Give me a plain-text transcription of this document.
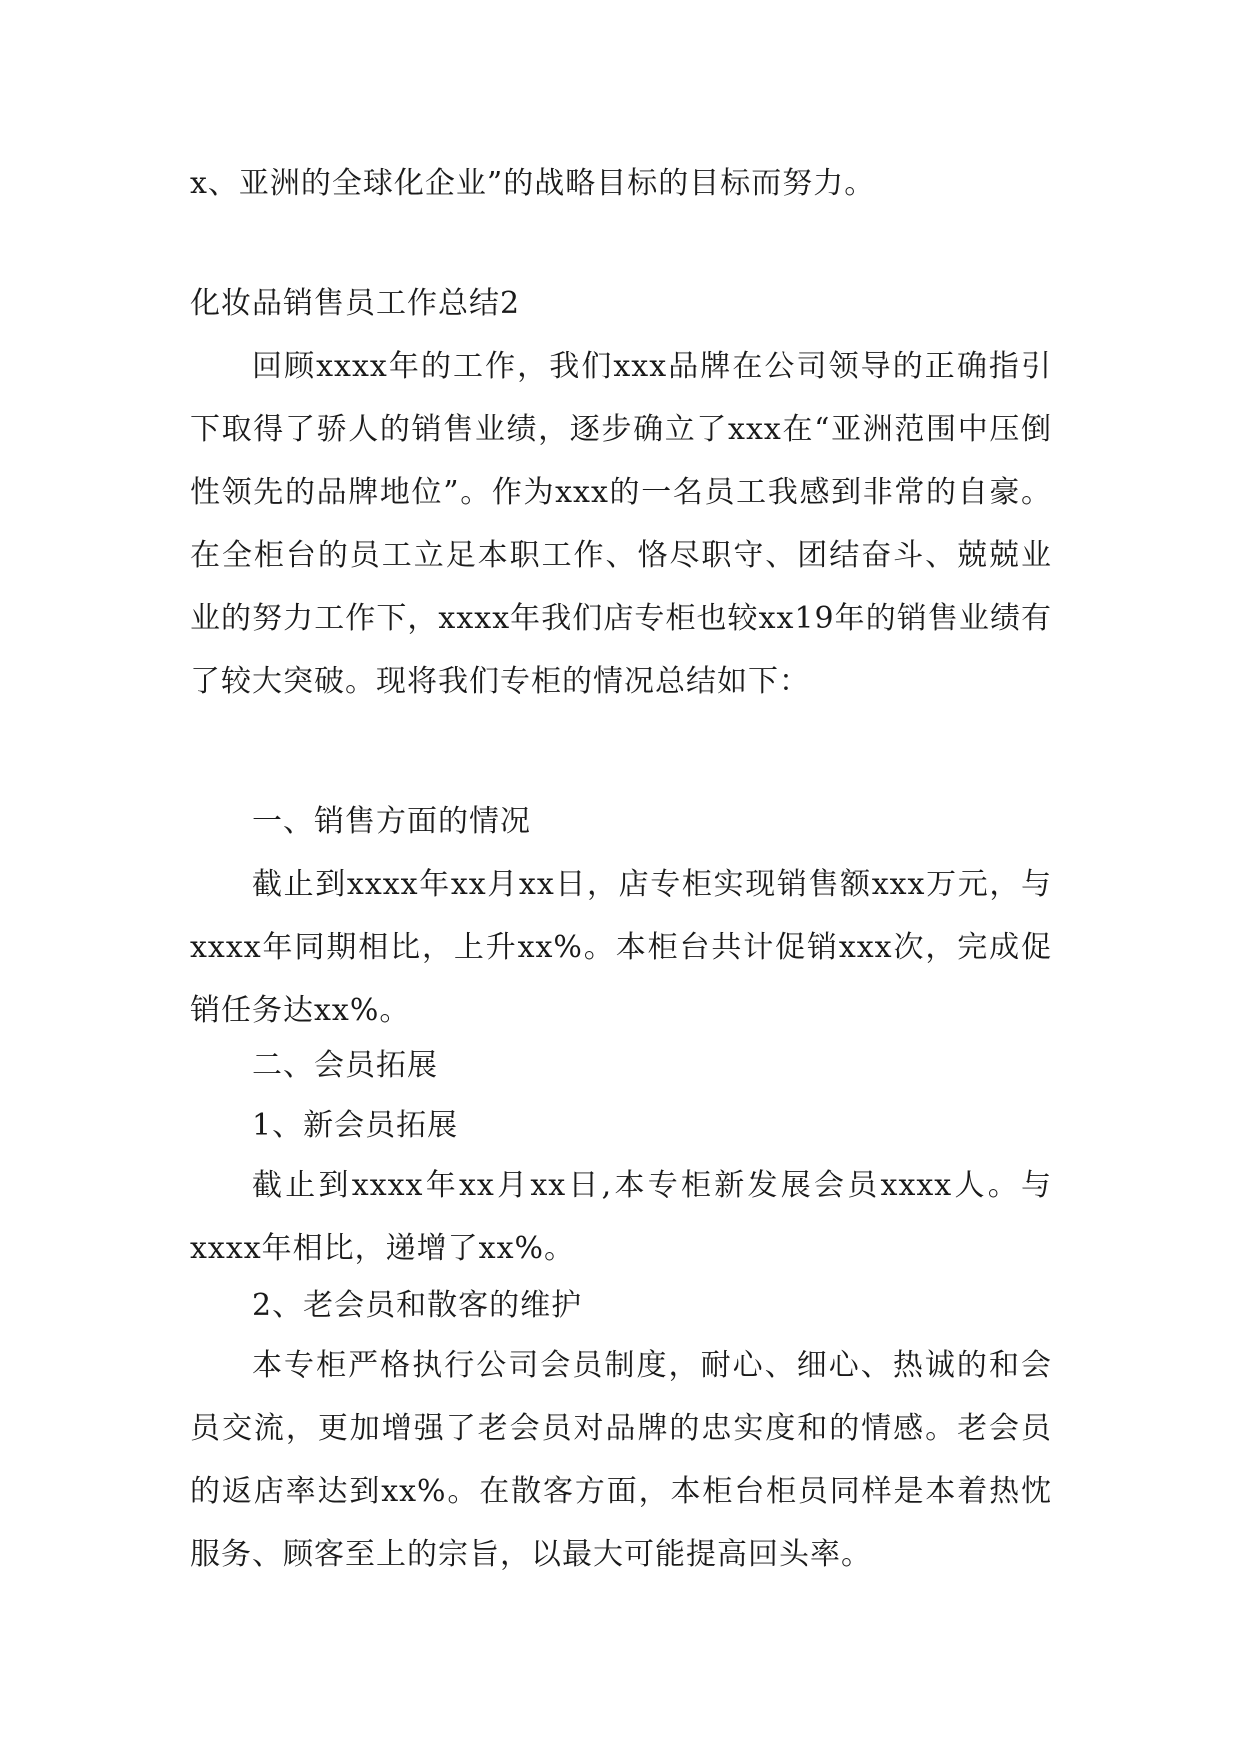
x、亚洲的全球化企业”的战略目标的目标而努力。
化妆品销售员工作总结2
回顾xxxx年的工作，我们xxx品牌在公司领导的正确指引下取得了骄人的销售业绩，逐步确立了xxx在“亚洲范围中压倒性领先的品牌地位”。作为xxx的一名员工我感到非常的自豪。在全柜台的员工立足本职工作、恪尽职守、团结奋斗、兢兢业业的努力工作下，xxxx年我们店专柜也较xx19年的销售业绩有了较大突破。现将我们专柜的情况总结如下：
一、销售方面的情况
截止到xxxx年xx月xx日，店专柜实现销售额xxx万元，与xxxx年同期相比，上升xx%。本柜台共计促销xxx次，完成促销任务达xx%。
二、会员拓展
1、新会员拓展
截止到xxxx年xx月xx日,本专柜新发展会员xxxx人。与xxxx年相比，递增了xx%。
2、老会员和散客的维护
本专柜严格执行公司会员制度，耐心、细心、热诚的和会员交流，更加增强了老会员对品牌的忠实度和的情感。老会员的返店率达到xx%。在散客方面，本柜台柜员同样是本着热忱服务、顾客至上的宗旨，以最大可能提高回头率。
